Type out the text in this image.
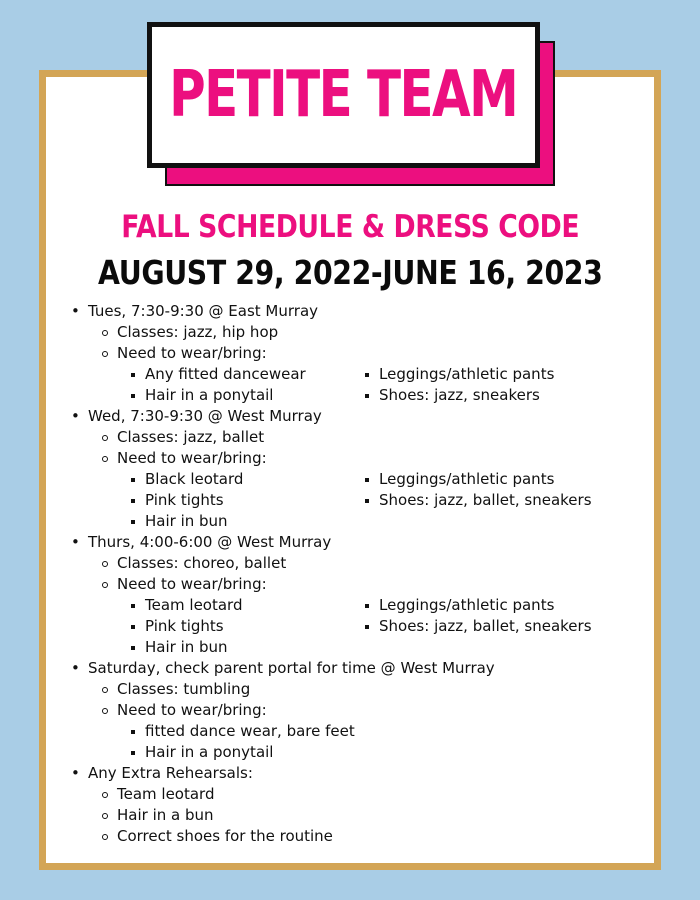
PETITE TEAM
FALL SCHEDULE & DRESS CODE
AUGUST 29, 2022-JUNE 16, 2023
• Tues, 7:30-9:30 @ East Murray
Classes: jazz, hip hop
Need to wear/bring:
Any fitted dancewear
Hair in a ponytail
Leggings/athletic pants
Shoes: jazz, sneakers
• Wed, 7:30-9:30 @ West Murray
Classes: jazz, ballet
Need to wear/bring:
Black leotard
Pink tights
Hair in bun
Leggings/athletic pants
Shoes: jazz, ballet, sneakers
• Thurs, 4:00-6:00 @ West Murray
Classes: choreo, ballet
Need to wear/bring:
Team leotard
Pink tights
Hair in bun
Leggings/athletic pants
Shoes: jazz, ballet, sneakers
• Saturday, check parent portal for time @ West Murray
Classes: tumbling
Need to wear/bring:
fitted dance wear, bare feet
Hair in a ponytail
• Any Extra Rehearsals:
Team leotard
Hair in a bun
Correct shoes for the routine
